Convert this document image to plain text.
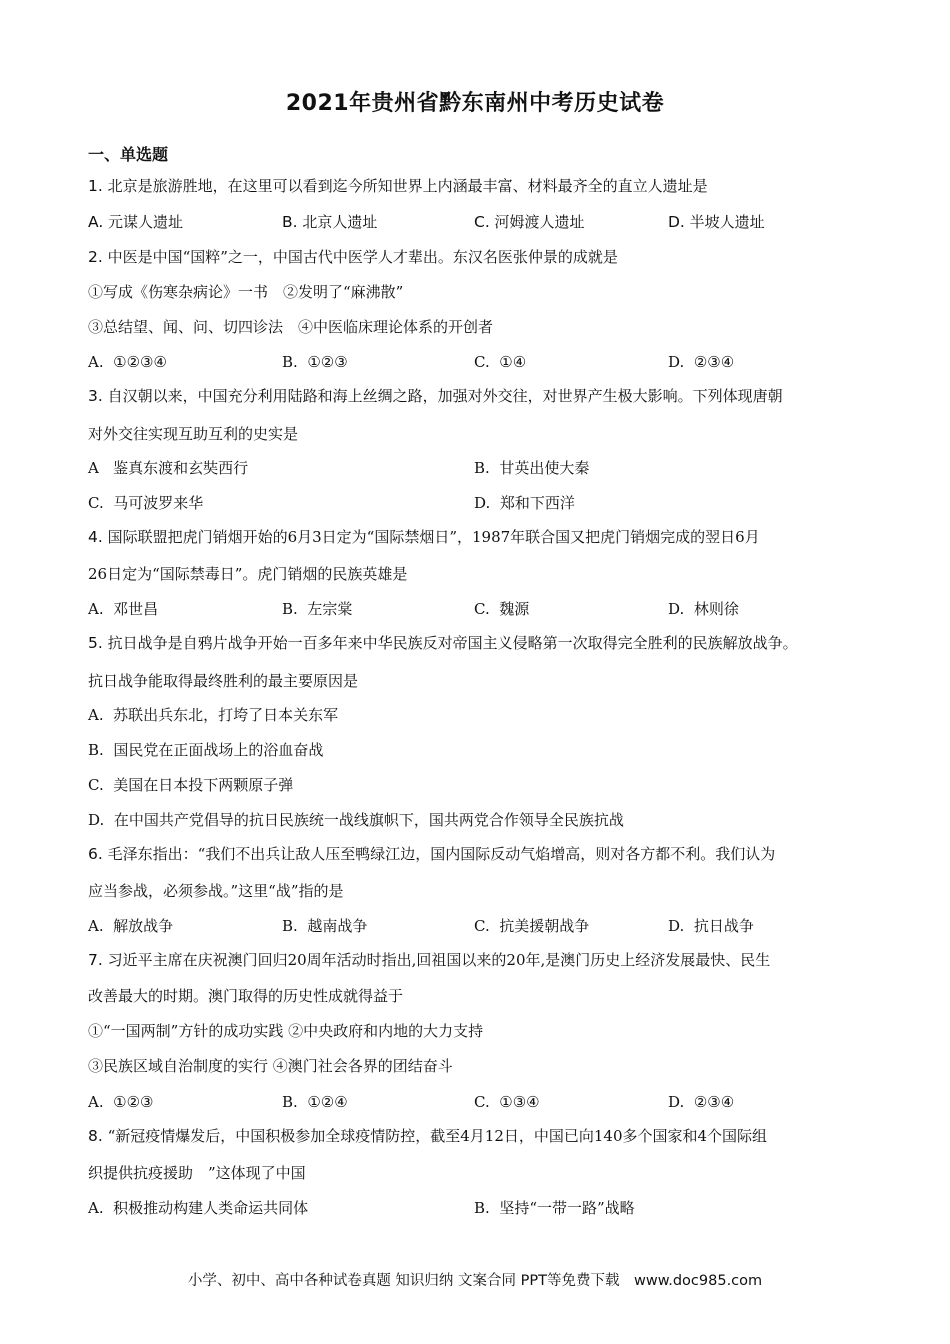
2021年贵州省黔东南州中考历史试卷
一、单选题
1. 北京是旅游胜地，在这里可以看到迄今所知世界上内涵最丰富、材料最齐全的直立人遗址是
A. 元谋人遗址	B. 北京人遗址	C. 河姆渡人遗址	D. 半坡人遗址
2. 中医是中国“国粹”之一，中国古代中医学人才辈出。东汉名医张仲景的成就是
①写成《伤寒杂病论》一书　②发明了“麻沸散”
③总结望、闻、问、切四诊法　④中医临床理论体系的开创者
A. ①②③④	B. ①②③	C. ①④	D. ②③④
3. 自汉朝以来，中国充分利用陆路和海上丝绸之路，加强对外交往，对世界产生极大影响。下列体现唐朝
对外交往实现互助互利的史实是
A 鉴真东渡和玄奘西行	B. 甘英出使大秦
C. 马可波罗来华	D. 郑和下西洋
4. 国际联盟把虎门销烟开始的6月3日定为“国际禁烟日”，1987年联合国又把虎门销烟完成的翌日6月
26日定为“国际禁毒日”。虎门销烟的民族英雄是
A. 邓世昌	B. 左宗棠	C. 魏源	D. 林则徐
5. 抗日战争是自鸦片战争开始一百多年来中华民族反对帝国主义侵略第一次取得完全胜利的民族解放战争。
抗日战争能取得最终胜利的最主要原因是
A. 苏联出兵东北，打垮了日本关东军
B. 国民党在正面战场上的浴血奋战
C. 美国在日本投下两颗原子弹
D. 在中国共产党倡导的抗日民族统一战线旗帜下，国共两党合作领导全民族抗战
6. 毛泽东指出：“我们不出兵让敌人压至鸭绿江边，国内国际反动气焰增高，则对各方都不利。我们认为
应当参战，必须参战。”这里“战”指的是
A. 解放战争	B. 越南战争	C. 抗美援朝战争	D. 抗日战争
7. 习近平主席在庆祝澳门回归20周年活动时指出,回祖国以来的20年,是澳门历史上经济发展最快、民生
改善最大的时期。澳门取得的历史性成就得益于
①“一国两制”方针的成功实践 ②中央政府和内地的大力支持
③民族区域自治制度的实行 ④澳门社会各界的团结奋斗
A. ①②③	B. ①②④	C. ①③④	D. ②③④
8. “新冠疫情爆发后，中国积极参加全球疫情防控，截至4月12日，中国已向140多个国家和4个国际组
织提供抗疫援助　”这体现了中国
A. 积极推动构建人类命运共同体	B. 坚持“一带一路”战略
小学、初中、高中各种试卷真题 知识归纳 文案合同 PPT等免费下载　www.doc985.com
